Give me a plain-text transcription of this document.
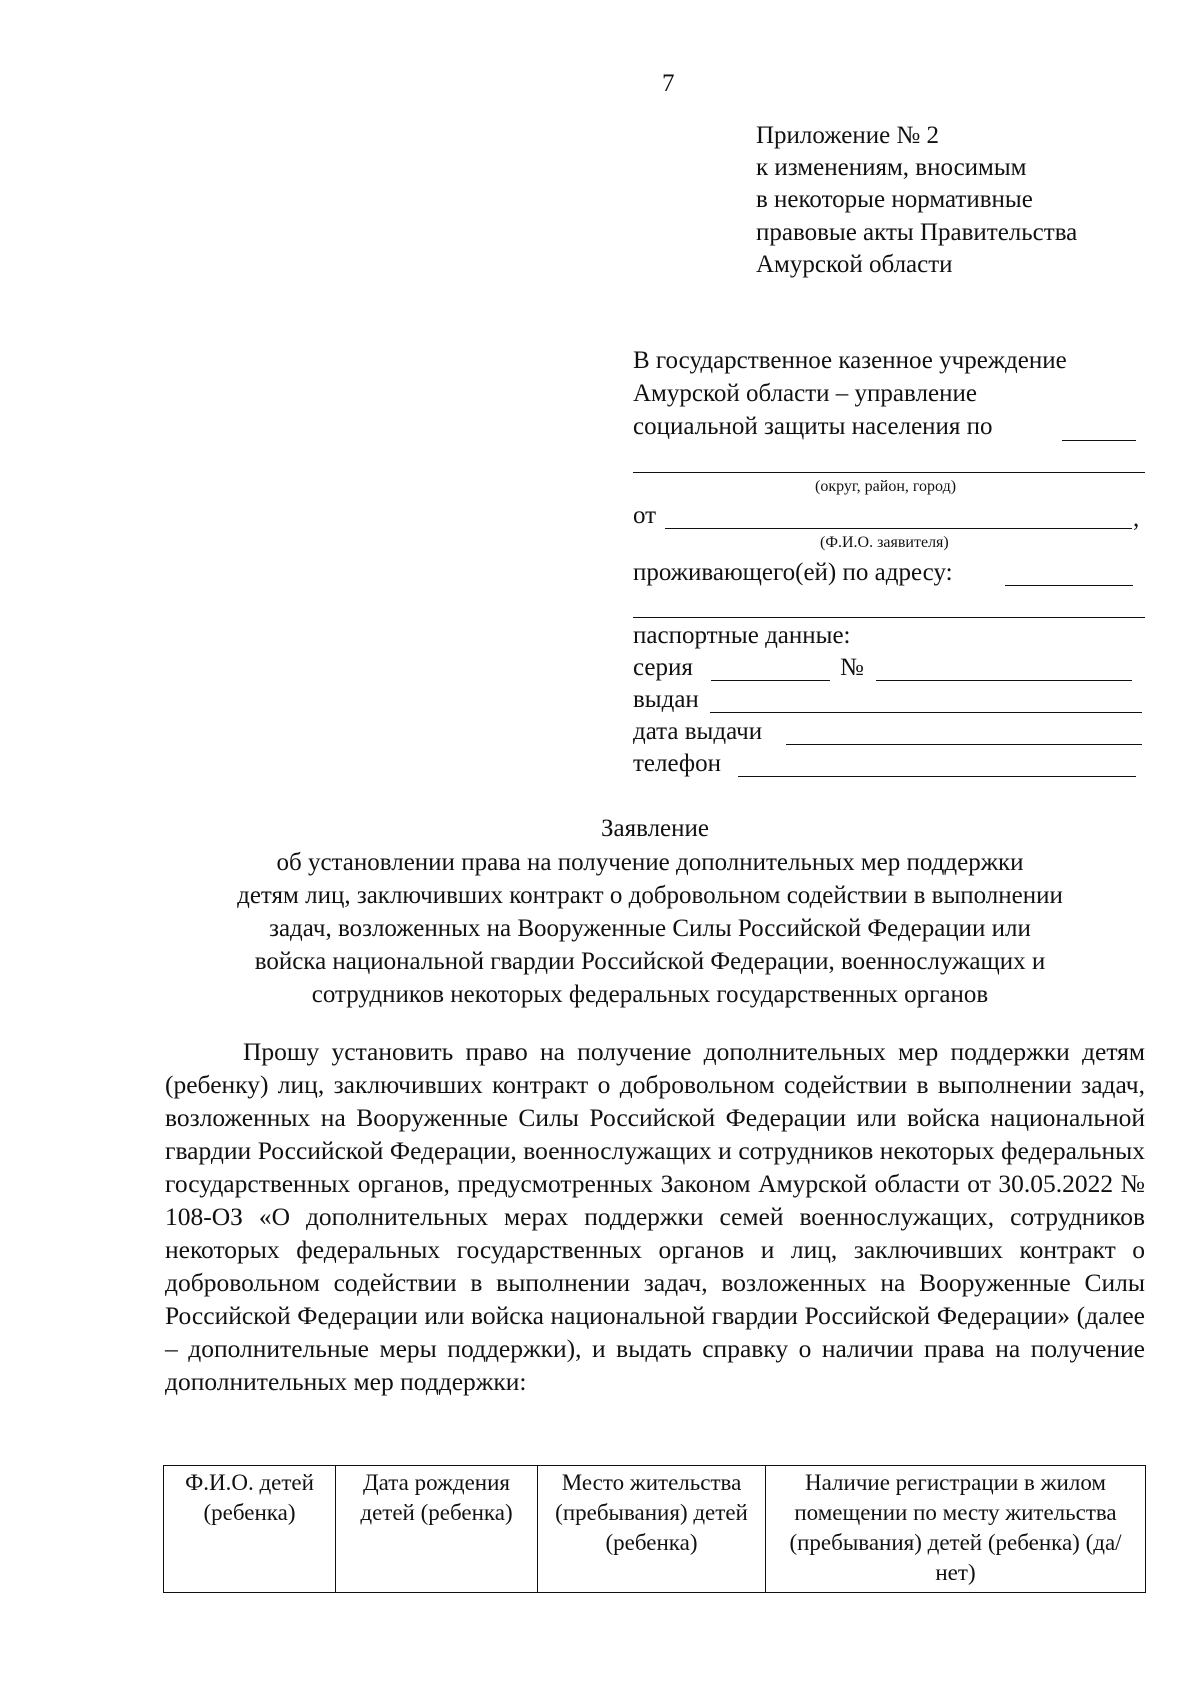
7
Приложение № 2
к изменениям, вносимым
в некоторые нормативные
правовые акты Правительства
Амурской области
В государственное казенное учреждение
Амурской области – управление
социальной защиты населения по
(округ, район, город)
от	,
(Ф.И.О. заявителя)
проживающего(ей) по адресу:
паспортные данные:
серия	№
выдан
дата выдачи
телефон
Заявление
об установлении права на получение дополнительных мер поддержки
детям лиц, заключивших контракт о добровольном содействии в выполнении
задач, возложенных на Вооруженные Силы Российской Федерации или
войска национальной гвардии Российской Федерации, военнослужащих и
сотрудников некоторых федеральных государственных органов
Прошу установить право на получение дополнительных мер поддержки детям (ребенку) лиц, заключивших контракт о добровольном содействии в выполнении задач, возложенных на Вооруженные Силы Российской Федерации или войска национальной гвардии Российской Федерации, военнослужащих и сотрудников некоторых федеральных государственных органов, предусмотренных Законом Амурской области от 30.05.2022 № 108-ОЗ «О дополнительных мерах поддержки семей военнослужащих, сотрудников некоторых федеральных государственных органов и лиц, заключивших контракт о добровольном содействии в выполнении задач, возложенных на Вооруженные Силы Российской Федерации или войска национальной гвардии Российской Федерации» (далее – дополнительные меры поддержки), и выдать справку о наличии права на получение дополнительных мер поддержки:
Ф.И.О. детей (ребенка)	Дата рождения детей (ребенка)	Место жительства (пребывания) детей (ребенка)	Наличие регистрации в жилом помещении по месту жительства (пребывания) детей (ребенка) (да/нет)
